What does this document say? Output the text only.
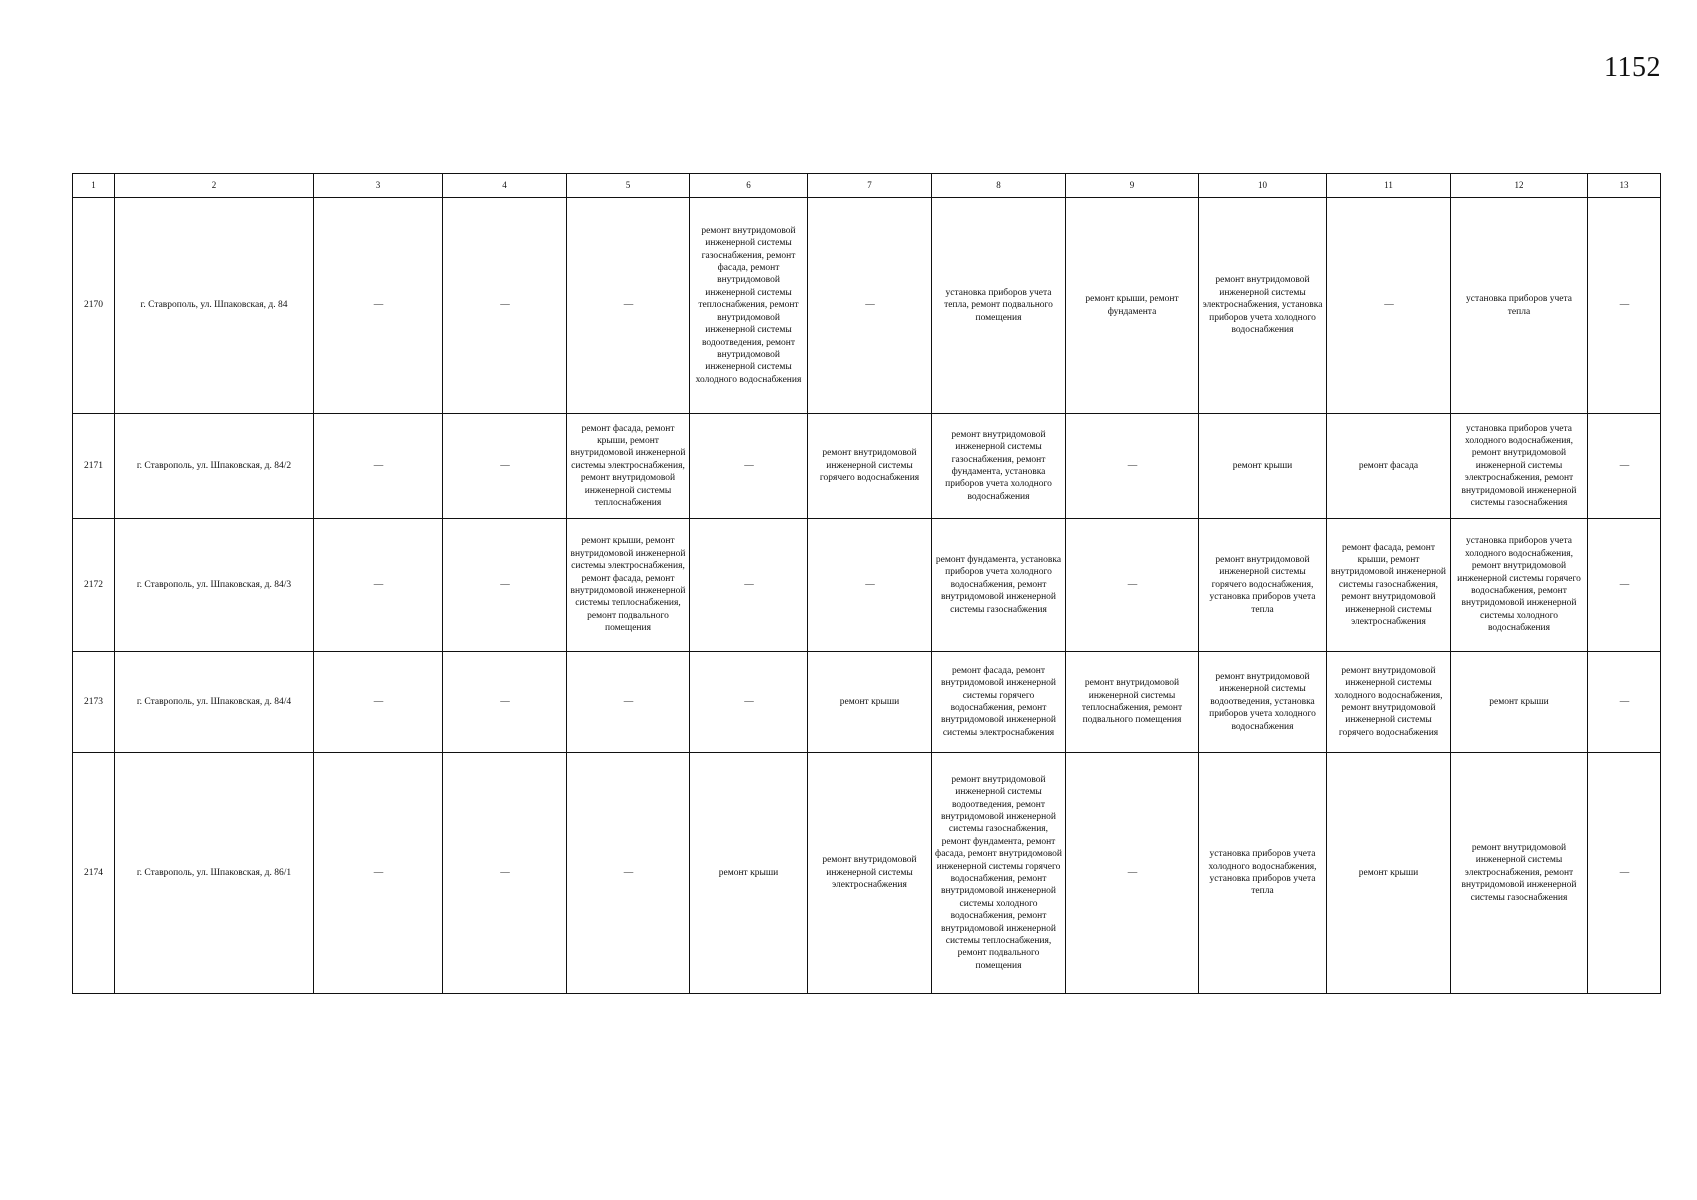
1152
1	2	3	4	5	6	7	8	9	10	11	12	13
2170	г. Ставрополь, ул. Шпаковская, д. 84	—	—	—	ремонт внутридомовой инженерной системы газоснабжения, ремонт фасада, ремонт внутридомовой инженерной системы теплоснабжения, ремонт внутридомовой инженерной системы водоотведения, ремонт внутридомовой инженерной системы холодного водоснабжения	—	установка приборов учета тепла, ремонт подвального помещения	ремонт крыши, ремонт фундамента	ремонт внутридомовой инженерной системы электроснабжения, установка приборов учета холодного водоснабжения	—	установка приборов учета тепла	—
2171	г. Ставрополь, ул. Шпаковская, д. 84/2	—	—	ремонт фасада, ремонт крыши, ремонт внутридомовой инженерной системы электроснабжения, ремонт внутридомовой инженерной системы теплоснабжения	—	ремонт внутридомовой инженерной системы горячего водоснабжения	ремонт внутридомовой инженерной системы газоснабжения, ремонт фундамента, установка приборов учета холодного водоснабжения	—	ремонт крыши	ремонт фасада	установка приборов учета холодного водоснабжения, ремонт внутридомовой инженерной системы электроснабжения, ремонт внутридомовой инженерной системы газоснабжения	—
2172	г. Ставрополь, ул. Шпаковская, д. 84/3	—	—	ремонт крыши, ремонт внутридомовой инженерной системы электроснабжения, ремонт фасада, ремонт внутридомовой инженерной системы теплоснабжения, ремонт подвального помещения	—	—	ремонт фундамента, установка приборов учета холодного водоснабжения, ремонт внутридомовой инженерной системы газоснабжения	—	ремонт внутридомовой инженерной системы горячего водоснабжения, установка приборов учета тепла	ремонт фасада, ремонт крыши, ремонт внутридомовой инженерной системы газоснабжения, ремонт внутридомовой инженерной системы электроснабжения	установка приборов учета холодного водоснабжения, ремонт внутридомовой инженерной системы горячего водоснабжения, ремонт внутридомовой инженерной системы холодного водоснабжения	—
2173	г. Ставрополь, ул. Шпаковская, д. 84/4	—	—	—	—	ремонт крыши	ремонт фасада, ремонт внутридомовой инженерной системы горячего водоснабжения, ремонт внутридомовой инженерной системы электроснабжения	ремонт внутридомовой инженерной системы теплоснабжения, ремонт подвального помещения	ремонт внутридомовой инженерной системы водоотведения, установка приборов учета холодного водоснабжения	ремонт внутридомовой инженерной системы холодного водоснабжения, ремонт внутридомовой инженерной системы горячего водоснабжения	ремонт крыши	—
2174	г. Ставрополь, ул. Шпаковская, д. 86/1	—	—	—	ремонт крыши	ремонт внутридомовой инженерной системы электроснабжения	ремонт внутридомовой инженерной системы водоотведения, ремонт внутридомовой инженерной системы газоснабжения, ремонт фундамента, ремонт фасада, ремонт внутридомовой инженерной системы горячего водоснабжения, ремонт внутридомовой инженерной системы холодного водоснабжения, ремонт внутридомовой инженерной системы теплоснабжения, ремонт подвального помещения	—	установка приборов учета холодного водоснабжения, установка приборов учета тепла	ремонт крыши	ремонт внутридомовой инженерной системы электроснабжения, ремонт внутридомовой инженерной системы газоснабжения	—
